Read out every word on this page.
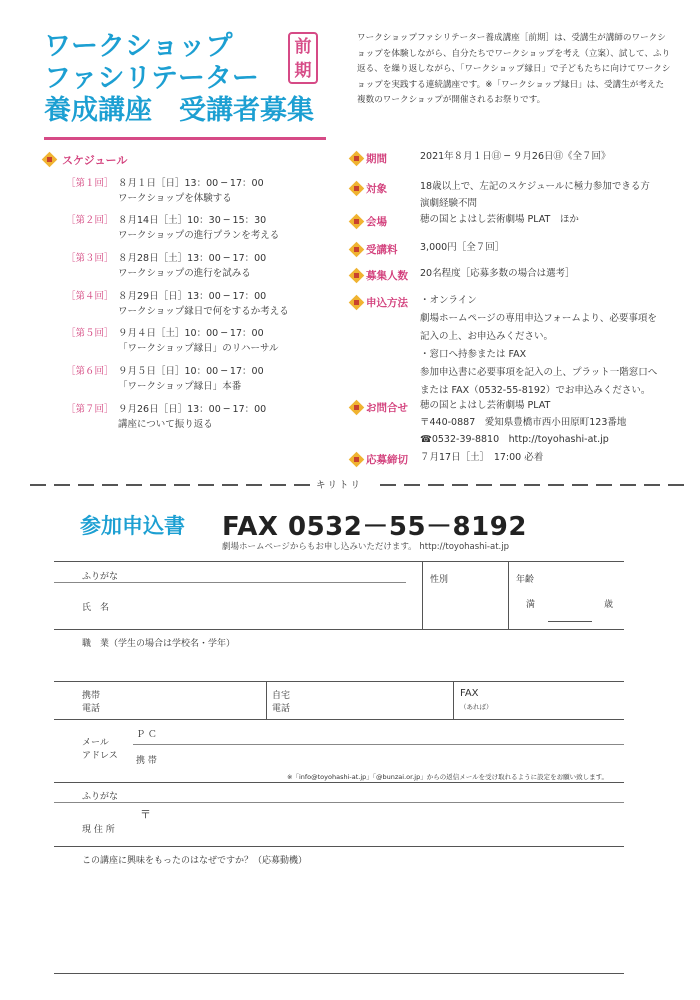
ワークショップ
ファシリテーター
養成講座　受講者募集
前
期
ワークショップファシリテーター養成講座［前期］は、受講生が講師のワークショップを体験しながら、自分たちでワークショップを考え（立案）、試して、ふり返る、を繰り返しながら、「ワークショップ縁日」で子どもたちに向けてワークショップを実践する連続講座です。※「ワークショップ縁日」は、受講生が考えた複数のワークショップが開催されるお祭りです。
スケジュール
［第１回］ ８月１日［日］13：00 ─ 17：00
ワークショップを体験する
［第２回］ ８月14日［土］10：30 ─ 15：30
ワークショップの進行プランを考える
［第３回］ ８月28日［土］13：00 ─ 17：00
ワークショップの進行を試みる
［第４回］ ８月29日［日］13：00 ─ 17：00
ワークショップ縁日で何をするか考える
［第５回］ ９月４日［土］10：00 ─ 17：00
「ワークショップ縁日」のリハーサル
［第６回］ ９月５日［日］10：00 ─ 17：00
「ワークショップ縁日」本番
［第７回］ ９月26日［日］13：00 ─ 17：00
講座について振り返る
期間	2021年８月１日㊐ ─ ９月26日㊐《全７回》
対象	18歳以上で、左記のスケジュールに極力参加できる方
演劇経験不問
会場	穂の国とよはし芸術劇場 PLAT　ほか
受講料 3,000円［全７回］
募集人数 20名程度［応募多数の場合は選考］
申込方法 ・オンライン
劇場ホームページの専用申込フォームより、必要事項を
記入の上、お申込みください。
・窓口へ持参または FAX
参加申込書に必要事項を記入の上、プラット一階窓口へ
または FAX（0532-55-8192）でお申込みください。
お問合せ 穂の国とよはし芸術劇場 PLAT
〒440-0887　愛知県豊橋市西小田原町123番地
☎0532-39-8810　http://toyohashi-at.jp
応募締切 ７月17日［土］　17:00 必着
キリトリ
参加申込書 FAX 0532－55－8192
劇場ホームページからもお申し込みいただけます。 http://toyohashi-at.jp
ふりがな
氏　名
性別	年齢
満	歳
職　業（学生の場合は学校名・学年）
携帯
電話
自宅
電話
FAX
（あれば）
メール
アドレス
Ｐ Ｃ
携 帯
※「info@toyohashi-at.jp」「@bunzai.or.jp」からの返信メールを受け取れるように設定をお願い致します。
ふりがな
〒
現 住 所
この講座に興味をもったのはなぜですか？（応募動機）
